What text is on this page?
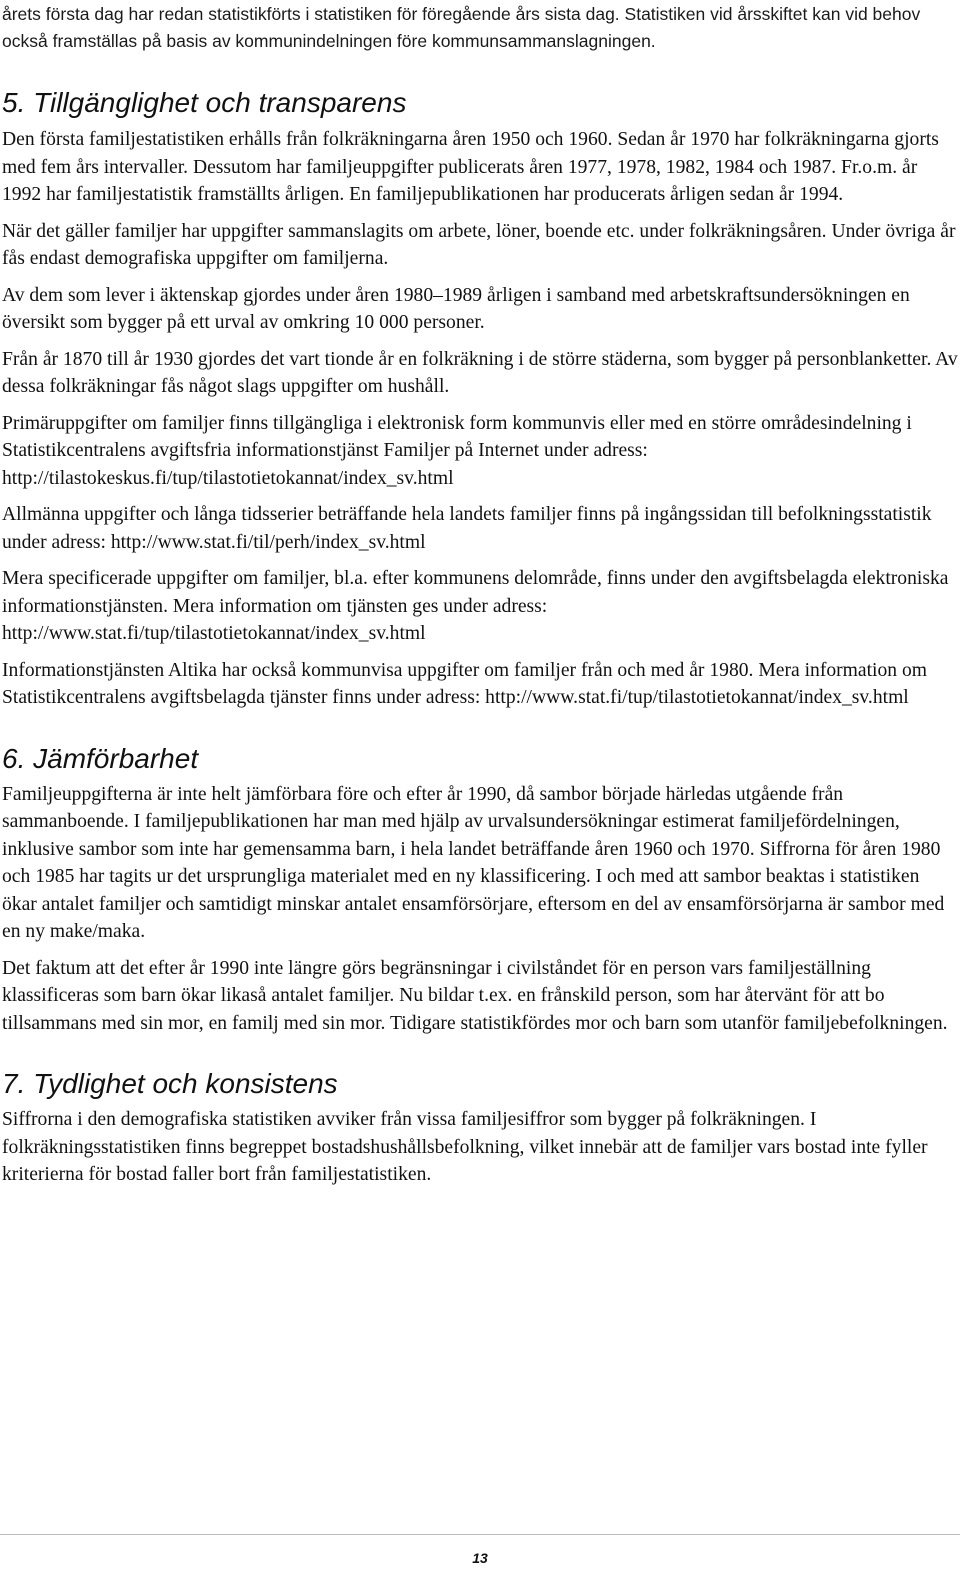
årets första dag har redan statistikförts i statistiken för föregående års sista dag. Statistiken vid årsskiftet kan vid behov också framställas på basis av kommunindelningen före kommunsammanslagningen.

5. Tillgänglighet och transparens

Den första familjestatistiken erhålls från folkräkningarna åren 1950 och 1960. Sedan år 1970 har folkräkningarna gjorts med fem års intervaller. Dessutom har familjeuppgifter publicerats åren 1977, 1978, 1982, 1984 och 1987. Fr.o.m. år 1992 har familjestatistik framställts årligen. En familjepublikationen har producerats årligen sedan år 1994.

När det gäller familjer har uppgifter sammanslagits om arbete, löner, boende etc. under folkräkningsåren. Under övriga år fås endast demografiska uppgifter om familjerna.

Av dem som lever i äktenskap gjordes under åren 1980–1989 årligen i samband med arbetskraftsundersökningen en översikt som bygger på ett urval av omkring 10 000 personer.

Från år 1870 till år 1930 gjordes det vart tionde år en folkräkning i de större städerna, som bygger på personblanketter. Av dessa folkräkningar fås något slags uppgifter om hushåll.

Primäruppgifter om familjer finns tillgängliga i elektronisk form kommunvis eller med en större områdesindelning i Statistikcentralens avgiftsfria informationstjänst Familjer på Internet under adress: http://tilastokeskus.fi/tup/tilastotietokannat/index_sv.html

Allmänna uppgifter och långa tidsserier beträffande hela landets familjer finns på ingångssidan till befolkningsstatistik under adress: http://www.stat.fi/til/perh/index_sv.html

Mera specificerade uppgifter om familjer, bl.a. efter kommunens delområde, finns under den avgiftsbelagda elektroniska informationstjänsten. Mera information om tjänsten ges under adress: http://www.stat.fi/tup/tilastotietokannat/index_sv.html

Informationstjänsten Altika har också kommunvisa uppgifter om familjer från och med år 1980. Mera information om Statistikcentralens avgiftsbelagda tjänster finns under adress: http://www.stat.fi/tup/tilastotietokannat/index_sv.html

6. Jämförbarhet

Familjeuppgifterna är inte helt jämförbara före och efter år 1990, då sambor började härledas utgående från sammanboende. I familjepublikationen har man med hjälp av urvalsundersökningar estimerat familjefördelningen, inklusive sambor som inte har gemensamma barn, i hela landet beträffande åren 1960 och 1970. Siffrorna för åren 1980 och 1985 har tagits ur det ursprungliga materialet med en ny klassificering. I och med att sambor beaktas i statistiken ökar antalet familjer och samtidigt minskar antalet ensamförsörjare, eftersom en del av ensamförsörjarna är sambor med en ny make/maka.

Det faktum att det efter år 1990 inte längre görs begränsningar i civilståndet för en person vars familjeställning klassificeras som barn ökar likaså antalet familjer. Nu bildar t.ex. en frånskild person, som har återvänt för att bo tillsammans med sin mor, en familj med sin mor. Tidigare statistikfördes mor och barn som utanför familjebefolkningen.

7. Tydlighet och konsistens

Siffrorna i den demografiska statistiken avviker från vissa familjesiffror som bygger på folkräkningen. I folkräkningsstatistiken finns begreppet bostadshushållsbefolkning, vilket innebär att de familjer vars bostad inte fyller kriterierna för bostad faller bort från familjestatistiken.

13
